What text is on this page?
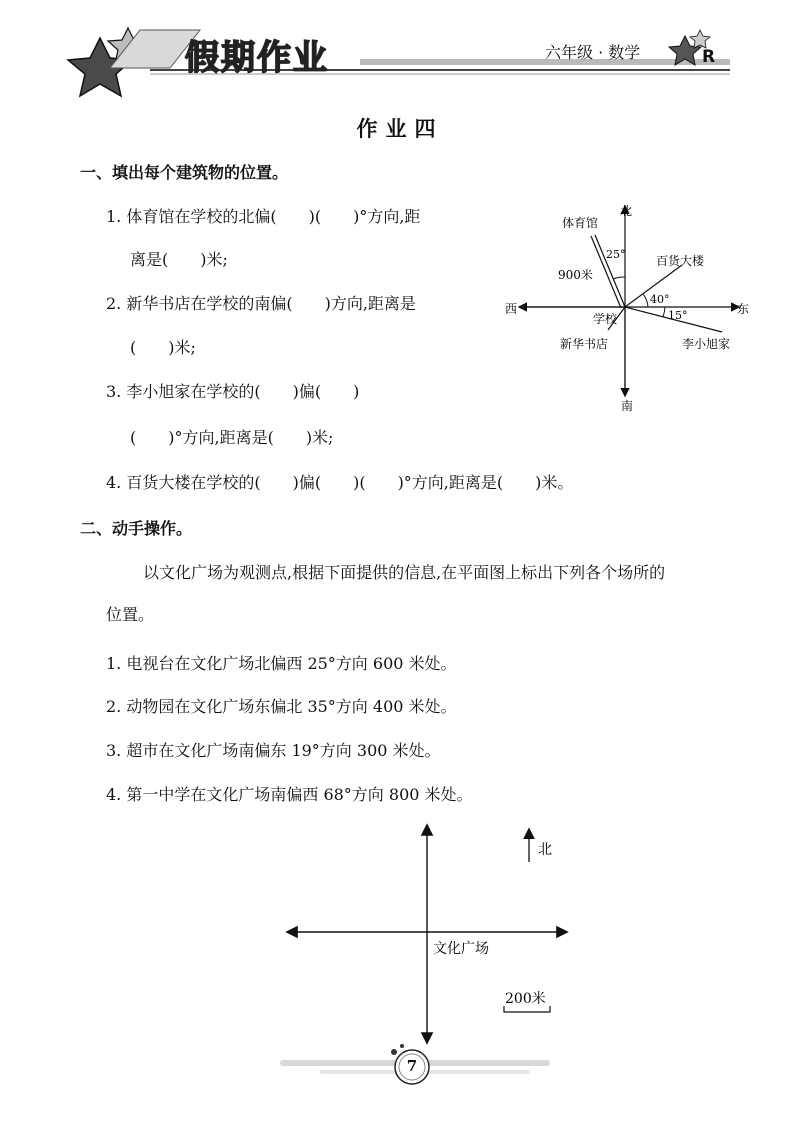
假期作业	六年级 · 数学	R
作业四
一、填出每个建筑物的位置。
1. 体育馆在学校的北偏(　　)(　　)°方向,距
离是(　　)米;
2. 新华书店在学校的南偏(　　)方向,距离是
(　　)米;
3. 李小旭家在学校的(　　)偏(　　)
(　　)°方向,距离是(　　)米;
4. 百货大楼在学校的(　　)偏(　　)(　　)°方向,距离是(　　)米。
北
南
东
西
学校
体育馆
百货大楼
新华书店	李小旭家
25°
40°
15°
900米
二、动手操作。
以文化广场为观测点,根据下面提供的信息,在平面图上标出下列各个场所的
位置。
1. 电视台在文化广场北偏西 25°方向 600 米处。
2. 动物园在文化广场东偏北 35°方向 400 米处。
3. 超市在文化广场南偏东 19°方向 300 米处。
4. 第一中学在文化广场南偏西 68°方向 800 米处。
北
文化广场
200米
7
